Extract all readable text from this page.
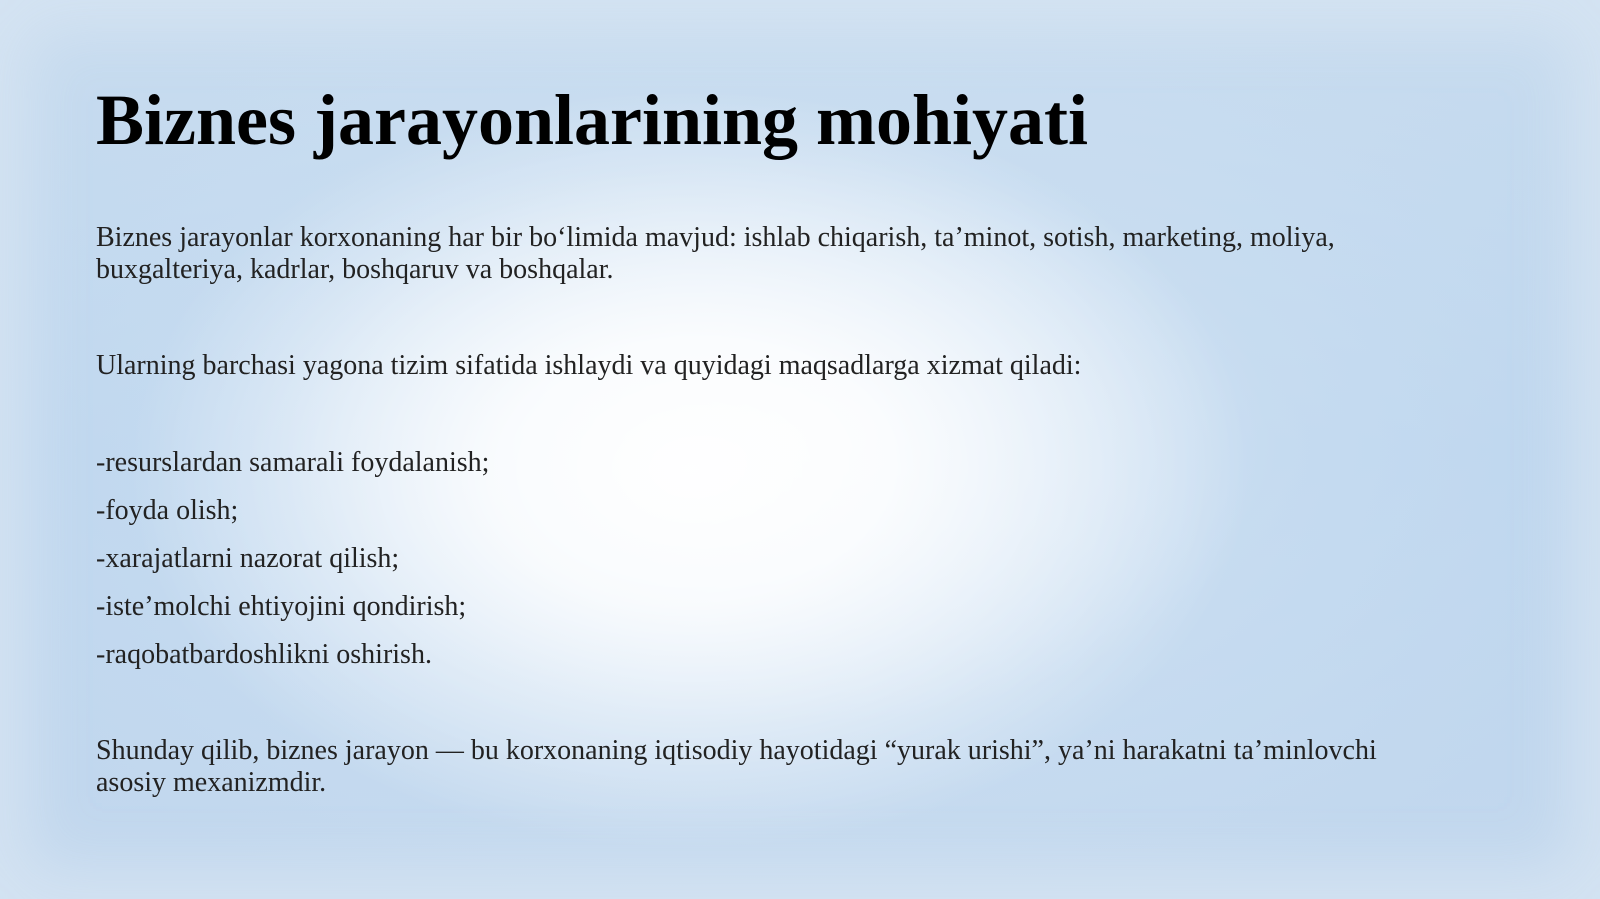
Biznes jarayonlarining mohiyati

Biznes jarayonlar korxonaning har bir bo‘limida mavjud: ishlab chiqarish, ta’minot, sotish, marketing, moliya, buxgalteriya, kadrlar, boshqaruv va boshqalar.

Ularning barchasi yagona tizim sifatida ishlaydi va quyidagi maqsadlarga xizmat qiladi:

-resurslardan samarali foydalanish;
-foyda olish;
-xarajatlarni nazorat qilish;
-iste’molchi ehtiyojini qondirish;
-raqobatbardoshlikni oshirish.

Shunday qilib, biznes jarayon — bu korxonaning iqtisodiy hayotidagi “yurak urishi”, ya’ni harakatni ta’minlovchi asosiy mexanizmdir.
